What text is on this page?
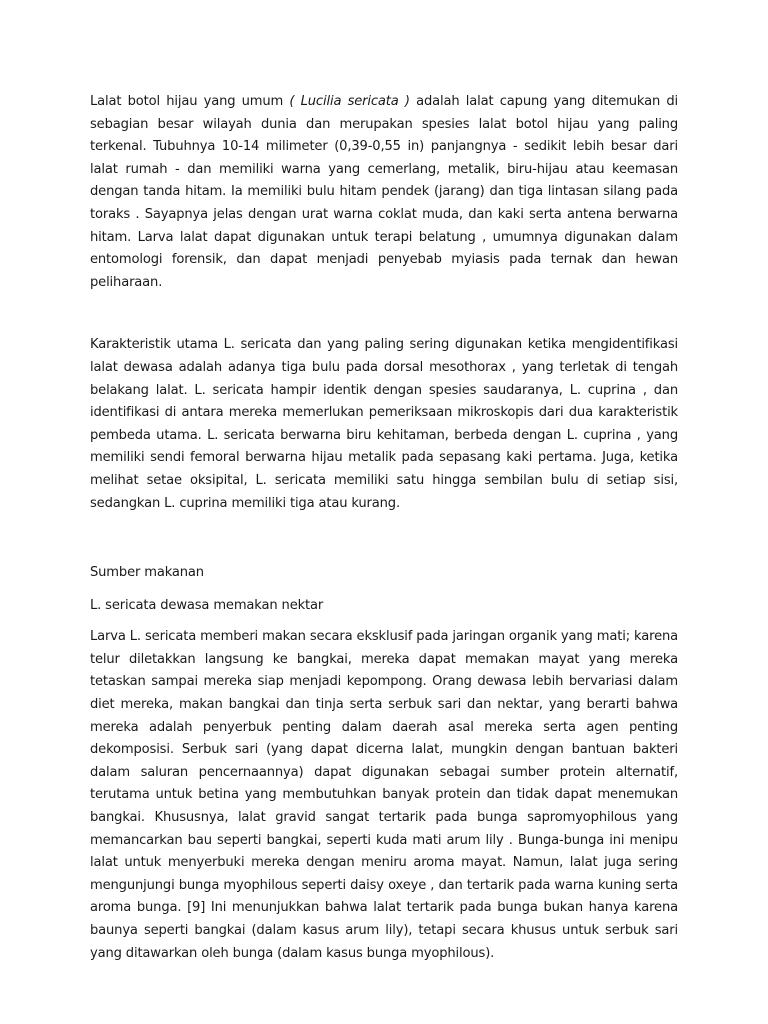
Lalat botol hijau yang umum ( Lucilia sericata ) adalah lalat capung yang ditemukan di sebagian besar wilayah dunia dan merupakan spesies lalat botol hijau yang paling terkenal. Tubuhnya 10-14 milimeter (0,39-0,55 in) panjangnya - sedikit lebih besar dari lalat rumah - dan memiliki warna yang cemerlang, metalik, biru-hijau atau keemasan dengan tanda hitam. Ia memiliki bulu hitam pendek (jarang) dan tiga lintasan silang pada toraks . Sayapnya jelas dengan urat warna coklat muda, dan kaki serta antena berwarna hitam. Larva lalat dapat digunakan untuk terapi belatung , umumnya digunakan dalam entomologi forensik, dan dapat menjadi penyebab myiasis pada ternak dan hewan peliharaan.

Karakteristik utama L. sericata dan yang paling sering digunakan ketika mengidentifikasi lalat dewasa adalah adanya tiga bulu pada dorsal mesothorax , yang terletak di tengah belakang lalat. L. sericata hampir identik dengan spesies saudaranya, L. cuprina , dan identifikasi di antara mereka memerlukan pemeriksaan mikroskopis dari dua karakteristik pembeda utama. L. sericata berwarna biru kehitaman, berbeda dengan L. cuprina , yang memiliki sendi femoral berwarna hijau metalik pada sepasang kaki pertama. Juga, ketika melihat setae oksipital, L. sericata memiliki satu hingga sembilan bulu di setiap sisi, sedangkan L. cuprina memiliki tiga atau kurang.

Sumber makanan

L. sericata dewasa memakan nektar

Larva L. sericata memberi makan secara eksklusif pada jaringan organik yang mati; karena telur diletakkan langsung ke bangkai, mereka dapat memakan mayat yang mereka tetaskan sampai mereka siap menjadi kepompong. Orang dewasa lebih bervariasi dalam diet mereka, makan bangkai dan tinja serta serbuk sari dan nektar, yang berarti bahwa mereka adalah penyerbuk penting dalam daerah asal mereka serta agen penting dekomposisi. Serbuk sari (yang dapat dicerna lalat, mungkin dengan bantuan bakteri dalam saluran pencernaannya) dapat digunakan sebagai sumber protein alternatif, terutama untuk betina yang membutuhkan banyak protein dan tidak dapat menemukan bangkai. Khususnya, lalat gravid sangat tertarik pada bunga sapromyophilous yang memancarkan bau seperti bangkai, seperti kuda mati arum lily . Bunga-bunga ini menipu lalat untuk menyerbuki mereka dengan meniru aroma mayat. Namun, lalat juga sering mengunjungi bunga myophilous seperti daisy oxeye , dan tertarik pada warna kuning serta aroma bunga. [9] Ini menunjukkan bahwa lalat tertarik pada bunga bukan hanya karena baunya seperti bangkai (dalam kasus arum lily), tetapi secara khusus untuk serbuk sari yang ditawarkan oleh bunga (dalam kasus bunga myophilous).
